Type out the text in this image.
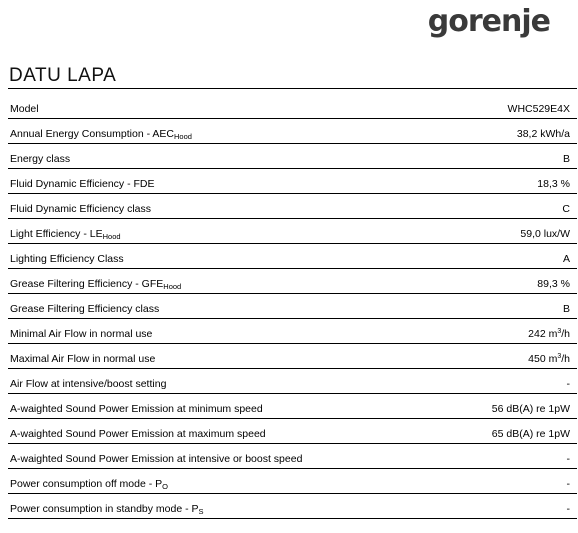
gorenje
DATU LAPA
Model	WHC529E4X
Annual Energy Consumption - $AEC_{Hood}$	38,2 kWh/a
Energy class	B
Fluid Dynamic Efficiency - FDE	18,3 %
Fluid Dynamic Efficiency class	C
Light Efficiency - $LE_{Hood}$	59,0 lux/W
Lighting Efficiency Class	A
Grease Filtering Efficiency - $GFE_{Hood}$	89,3 %
Grease Filtering Efficiency class	B
Minimal Air Flow in normal use	242 $m^3/h$
Maximal Air Flow in normal use	450 $m^3/h$
Air Flow at intensive/boost setting	-
A-waighted Sound Power Emission at minimum speed	56 dB(A) re 1pW
A-waighted Sound Power Emission at maximum speed	65 dB(A) re 1pW
A-waighted Sound Power Emission at intensive or boost speed	-
Power consumption off mode - $P_O$	-
Power consumption in standby mode - $P_S$	-
